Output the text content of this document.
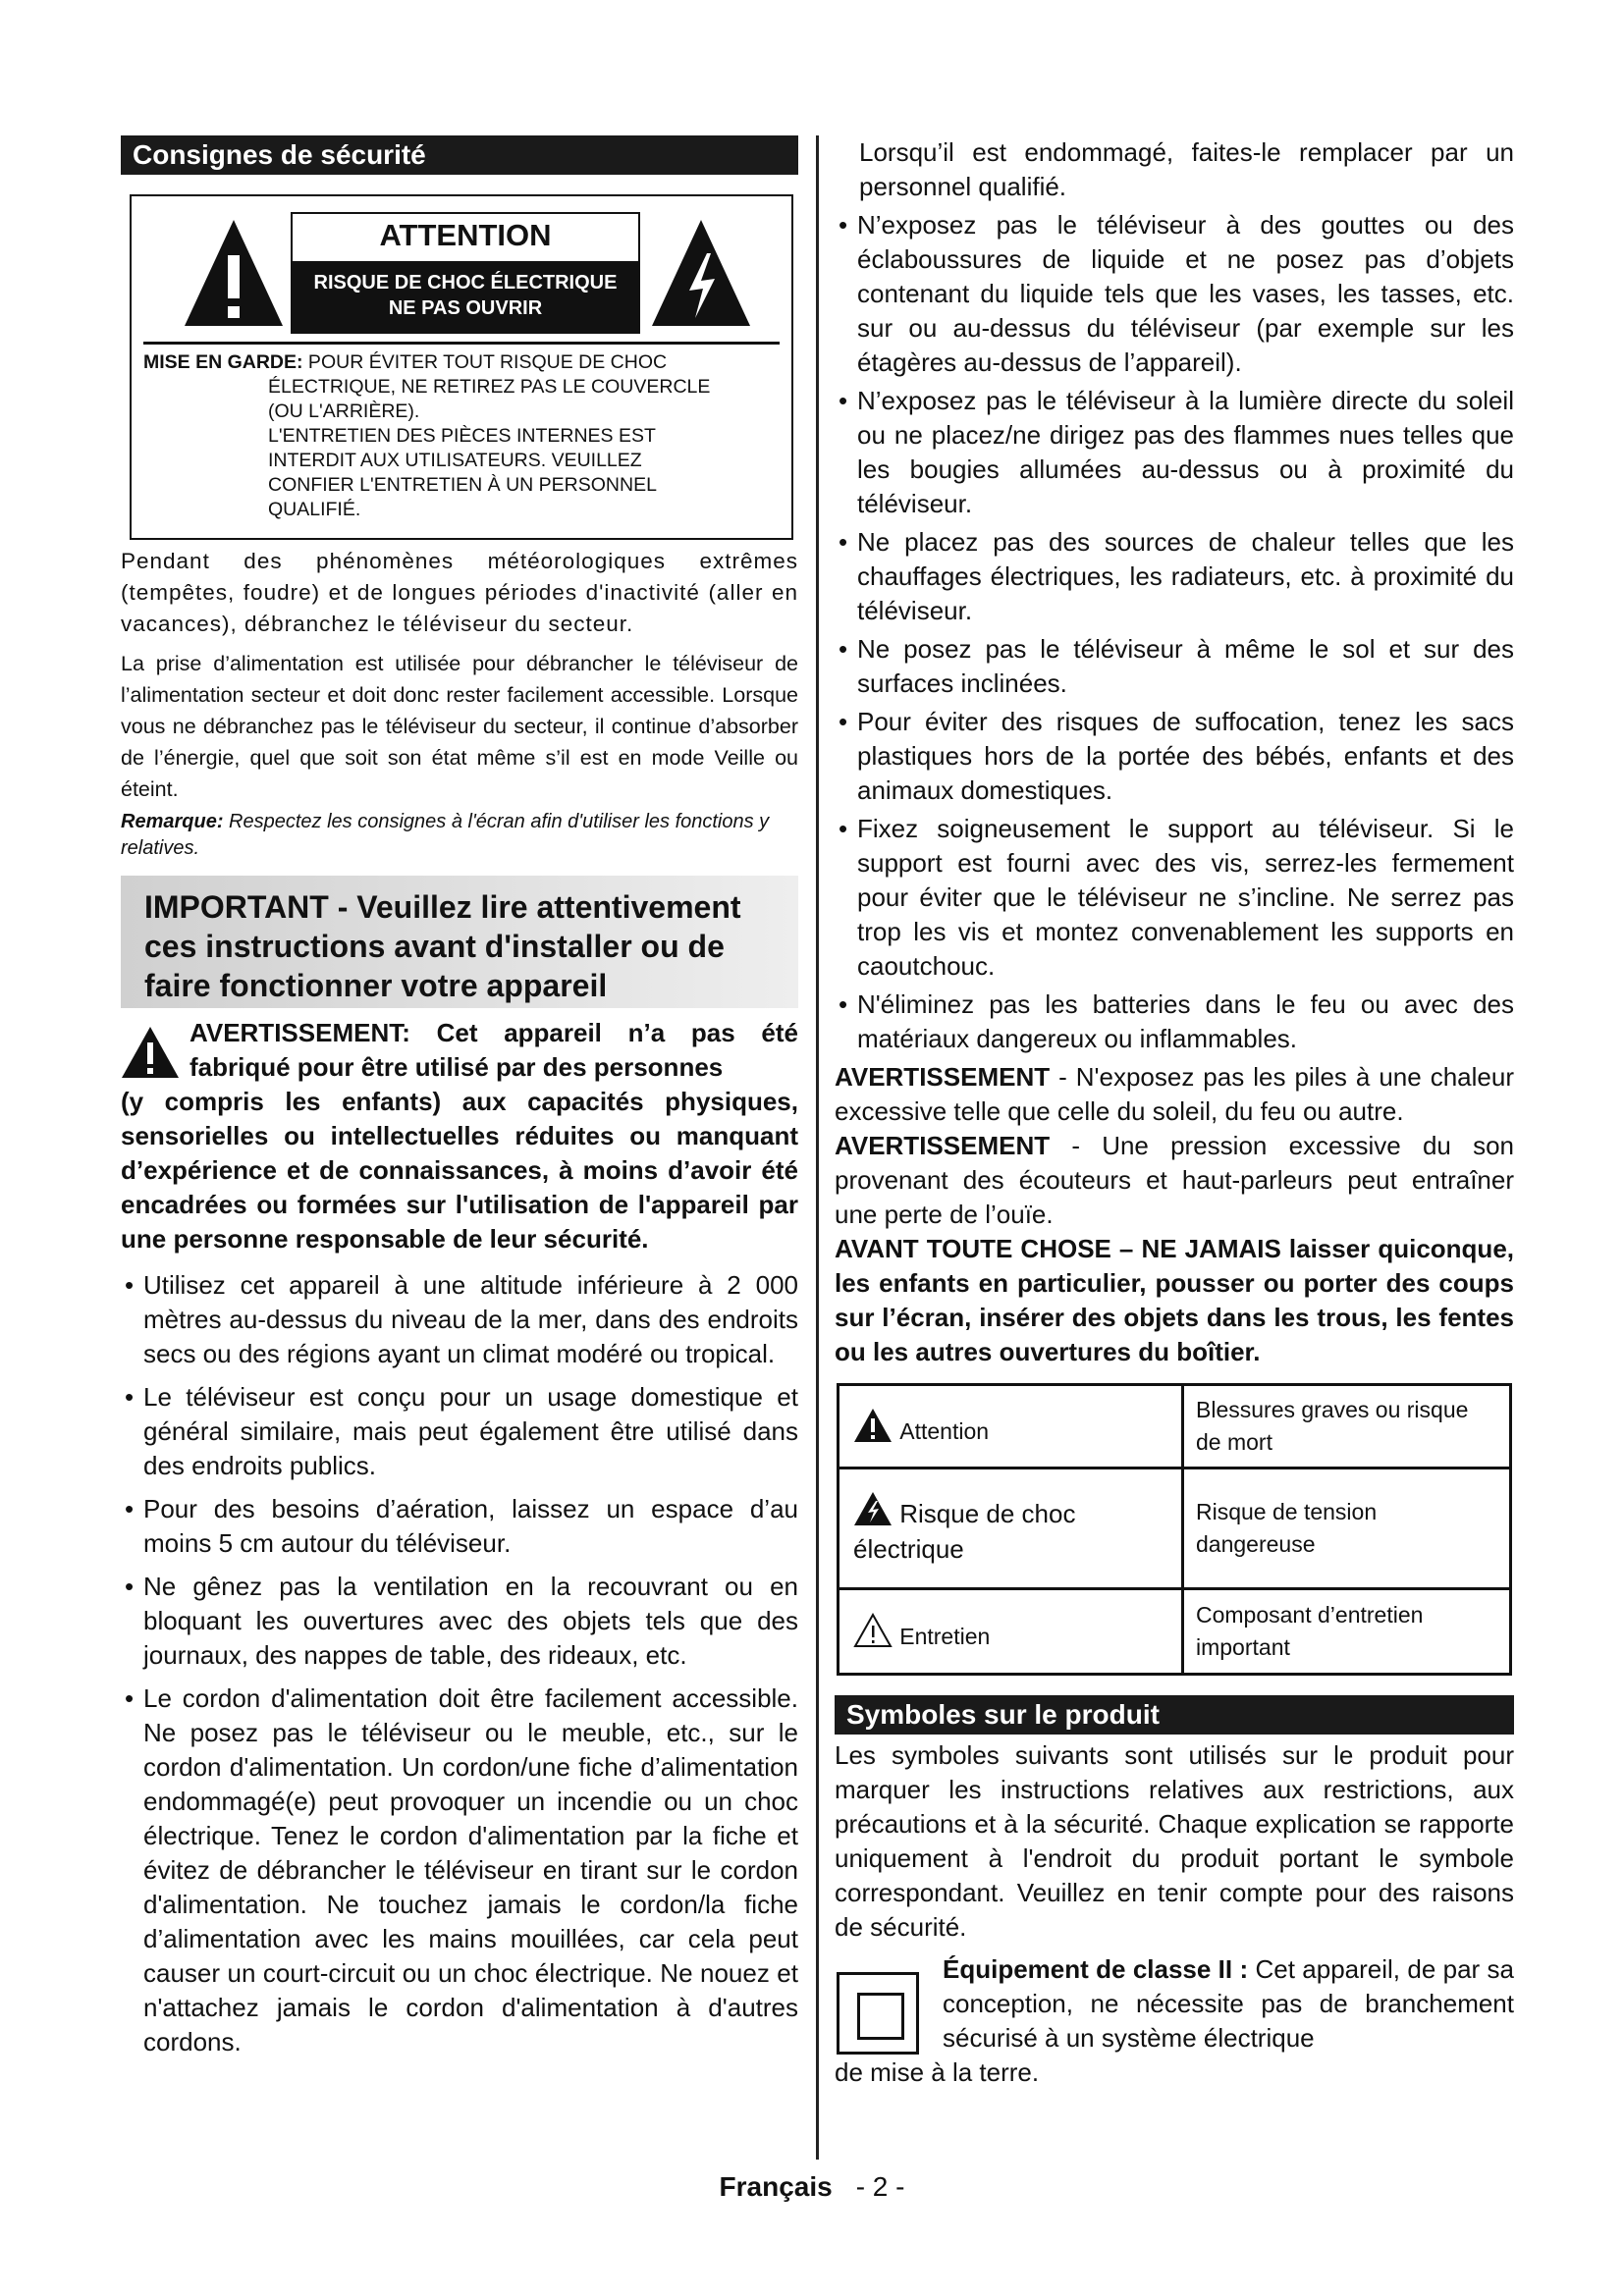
Consignes de sécurité
ATTENTION
RISQUE DE CHOC ÉLECTRIQUE
NE PAS OUVRIR
MISE EN GARDE: POUR ÉVITER TOUT RISQUE DE CHOC
ÉLECTRIQUE, NE RETIREZ PAS LE COUVERCLE
(OU L'ARRIÈRE).
L'ENTRETIEN DES PIÈCES INTERNES EST
INTERDIT AUX UTILISATEURS. VEUILLEZ
CONFIER L'ENTRETIEN À UN PERSONNEL
QUALIFIÉ.

Pendant des phénomènes météorologiques extrêmes (tempêtes, foudre) et de longues périodes d'inactivité (aller en vacances), débranchez le téléviseur du secteur.

La prise d’alimentation est utilisée pour débrancher le téléviseur de l’alimentation secteur et doit donc rester facilement accessible. Lorsque vous ne débranchez pas le téléviseur du secteur, il continue d’absorber de l’énergie, quel que soit son état même s’il est en mode Veille ou éteint.

Remarque: Respectez les consignes à l'écran afin d'utiliser les fonctions y relatives.

IMPORTANT - Veuillez lire attentivement ces instructions avant d'installer ou de faire fonctionner votre appareil
AVERTISSEMENT: Cet appareil n’a pas été fabriqué pour être utilisé par des personnes
(y compris les enfants) aux capacités physiques, sensorielles ou intellectuelles réduites ou manquant d’expérience et de connaissances, à moins d’avoir été encadrées ou formées sur l'utilisation de l'appareil par une personne responsable de leur sécurité.
• Utilisez cet appareil à une altitude inférieure à 2 000 mètres au-dessus du niveau de la mer, dans des endroits secs ou des régions ayant un climat modéré ou tropical.
• Le téléviseur est conçu pour un usage domestique et général similaire, mais peut également être utilisé dans des endroits publics.
• Pour des besoins d’aération, laissez un espace d’au moins 5 cm autour du téléviseur.
• Ne gênez pas la ventilation en la recouvrant ou en bloquant les ouvertures avec des objets tels que des journaux, des nappes de table, des rideaux, etc.
• Le cordon d'alimentation doit être facilement accessible. Ne posez pas le téléviseur ou le meuble, etc., sur le cordon d'alimentation. Un cordon/une fiche d’alimentation endommagé(e) peut provoquer un incendie ou un choc électrique. Tenez le cordon d'alimentation par la fiche et évitez de débrancher le téléviseur en tirant sur le cordon d'alimentation. Ne touchez jamais le cordon/la fiche d’alimentation avec les mains mouillées, car cela peut causer un court-circuit ou un choc électrique. Ne nouez et n'attachez jamais le cordon d'alimentation à d'autres cordons.

Lorsqu’il est endommagé, faites-le remplacer par un personnel qualifié.

• N’exposez pas le téléviseur à des gouttes ou des éclaboussures de liquide et ne posez pas d’objets contenant du liquide tels que les vases, les tasses, etc. sur ou au-dessus du téléviseur (par exemple sur les étagères au-dessus de l’appareil).
• N’exposez pas le téléviseur à la lumière directe du soleil ou ne placez/ne dirigez pas des flammes nues telles que les bougies allumées au-dessus ou à proximité du téléviseur.
• Ne placez pas des sources de chaleur telles que les chauffages électriques, les radiateurs, etc. à proximité du téléviseur.
• Ne posez pas le téléviseur à même le sol et sur des surfaces inclinées.
• Pour éviter des risques de suffocation, tenez les sacs plastiques hors de la portée des bébés, enfants et des animaux domestiques.
• Fixez soigneusement le support au téléviseur. Si le support est fourni avec des vis, serrez-les fermement pour éviter que le téléviseur ne s’incline. Ne serrez pas trop les vis et montez convenablement les supports en caoutchouc.
• N'éliminez pas les batteries dans le feu ou avec des matériaux dangereux ou inflammables.

AVERTISSEMENT - N'exposez pas les piles à une chaleur excessive telle que celle du soleil, du feu ou autre.

AVERTISSEMENT - Une pression excessive du son provenant des écouteurs et haut-parleurs peut entraîner une perte de l’ouïe.

AVANT TOUTE CHOSE – NE JAMAIS laisser quiconque, les enfants en particulier, pousser ou porter des coups sur l’écran, insérer des objets dans les trous, les fentes ou les autres ouvertures du boîtier.

Attention	Blessures graves ou risque de mort
Risque de choc électrique	Risque de tension dangereuse
Entretien	Composant d’entretien important
Symboles sur le produit

Les symboles suivants sont utilisés sur le produit pour marquer les instructions relatives aux restrictions, aux précautions et à la sécurité. Chaque explication se rapporte uniquement à l'endroit du produit portant le symbole correspondant. Veuillez en tenir compte pour des raisons de sécurité.

Équipement de classe II : Cet appareil, de par sa conception, ne nécessite pas de branchement sécurisé à un système électrique
de mise à la terre.
Français - 2 -
